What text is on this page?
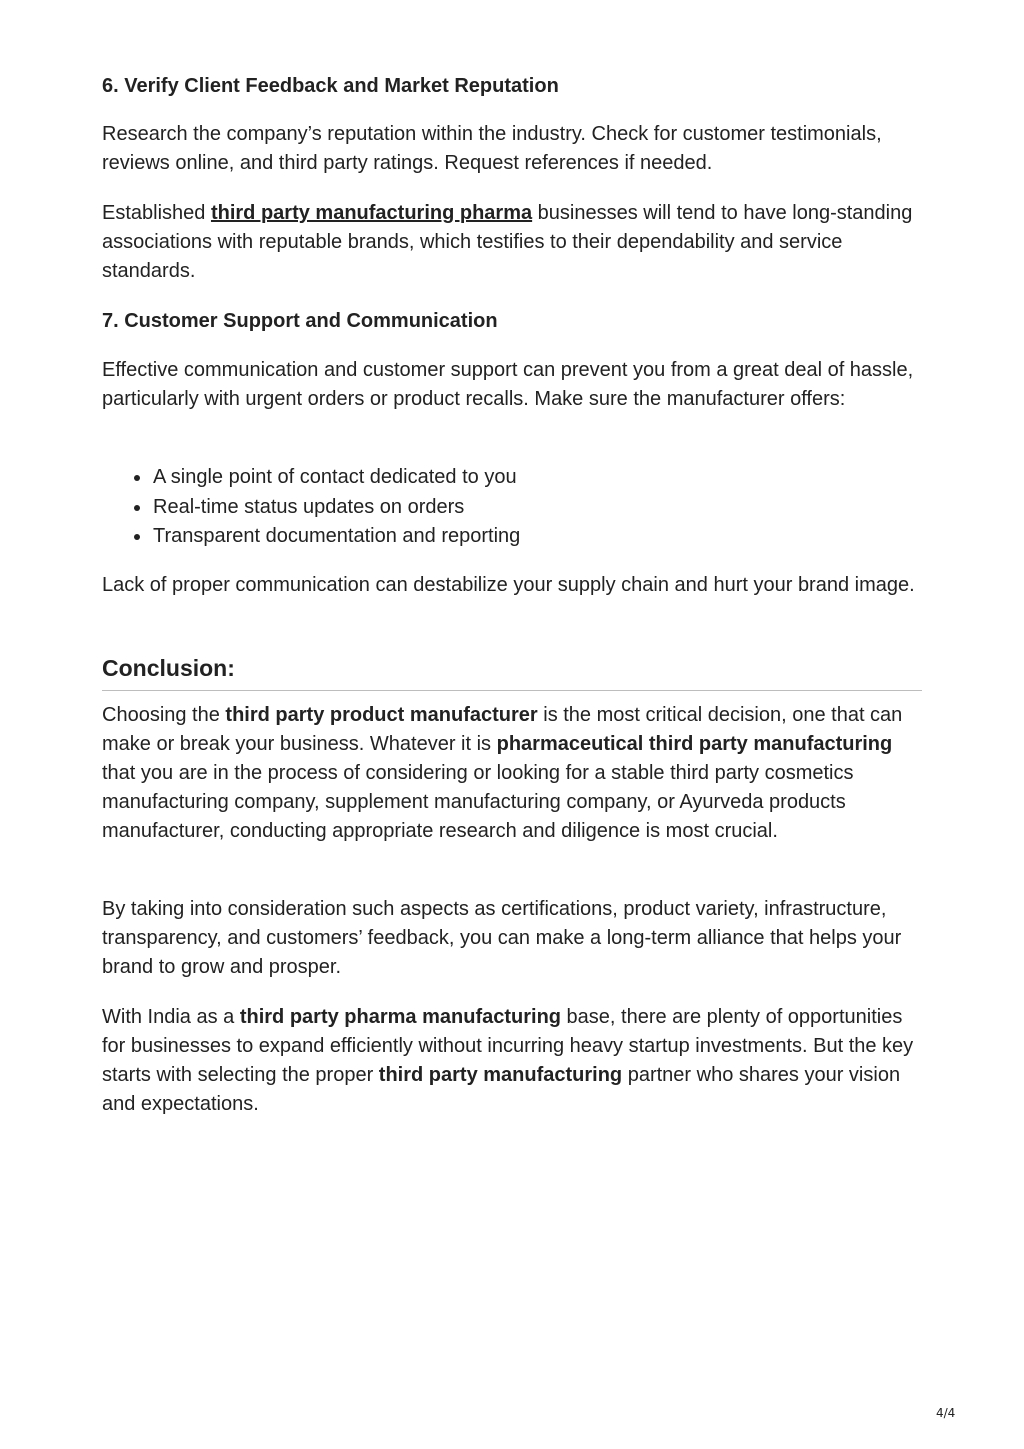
6. Verify Client Feedback and Market Reputation

Research the company’s reputation within the industry. Check for customer testimonials, reviews online, and third party ratings. Request references if needed.

Established third party manufacturing pharma businesses will tend to have long-standing associations with reputable brands, which testifies to their dependability and service standards.

7. Customer Support and Communication

Effective communication and customer support can prevent you from a great deal of hassle, particularly with urgent orders or product recalls. Make sure the manufacturer offers:

A single point of contact dedicated to you
Real-time status updates on orders
Transparent documentation and reporting

Lack of proper communication can destabilize your supply chain and hurt your brand image.

Conclusion:

Choosing the third party product manufacturer is the most critical decision, one that can make or break your business. Whatever it is pharmaceutical third party manufacturing that you are in the process of considering or looking for a stable third party cosmetics manufacturing company, supplement manufacturing company, or Ayurveda products manufacturer, conducting appropriate research and diligence is most crucial.

By taking into consideration such aspects as certifications, product variety, infrastructure, transparency, and customers’ feedback, you can make a long-term alliance that helps your brand to grow and prosper.

With India as a third party pharma manufacturing base, there are plenty of opportunities for businesses to expand efficiently without incurring heavy startup investments. But the key starts with selecting the proper third party manufacturing partner who shares your vision and expectations.

4/4
